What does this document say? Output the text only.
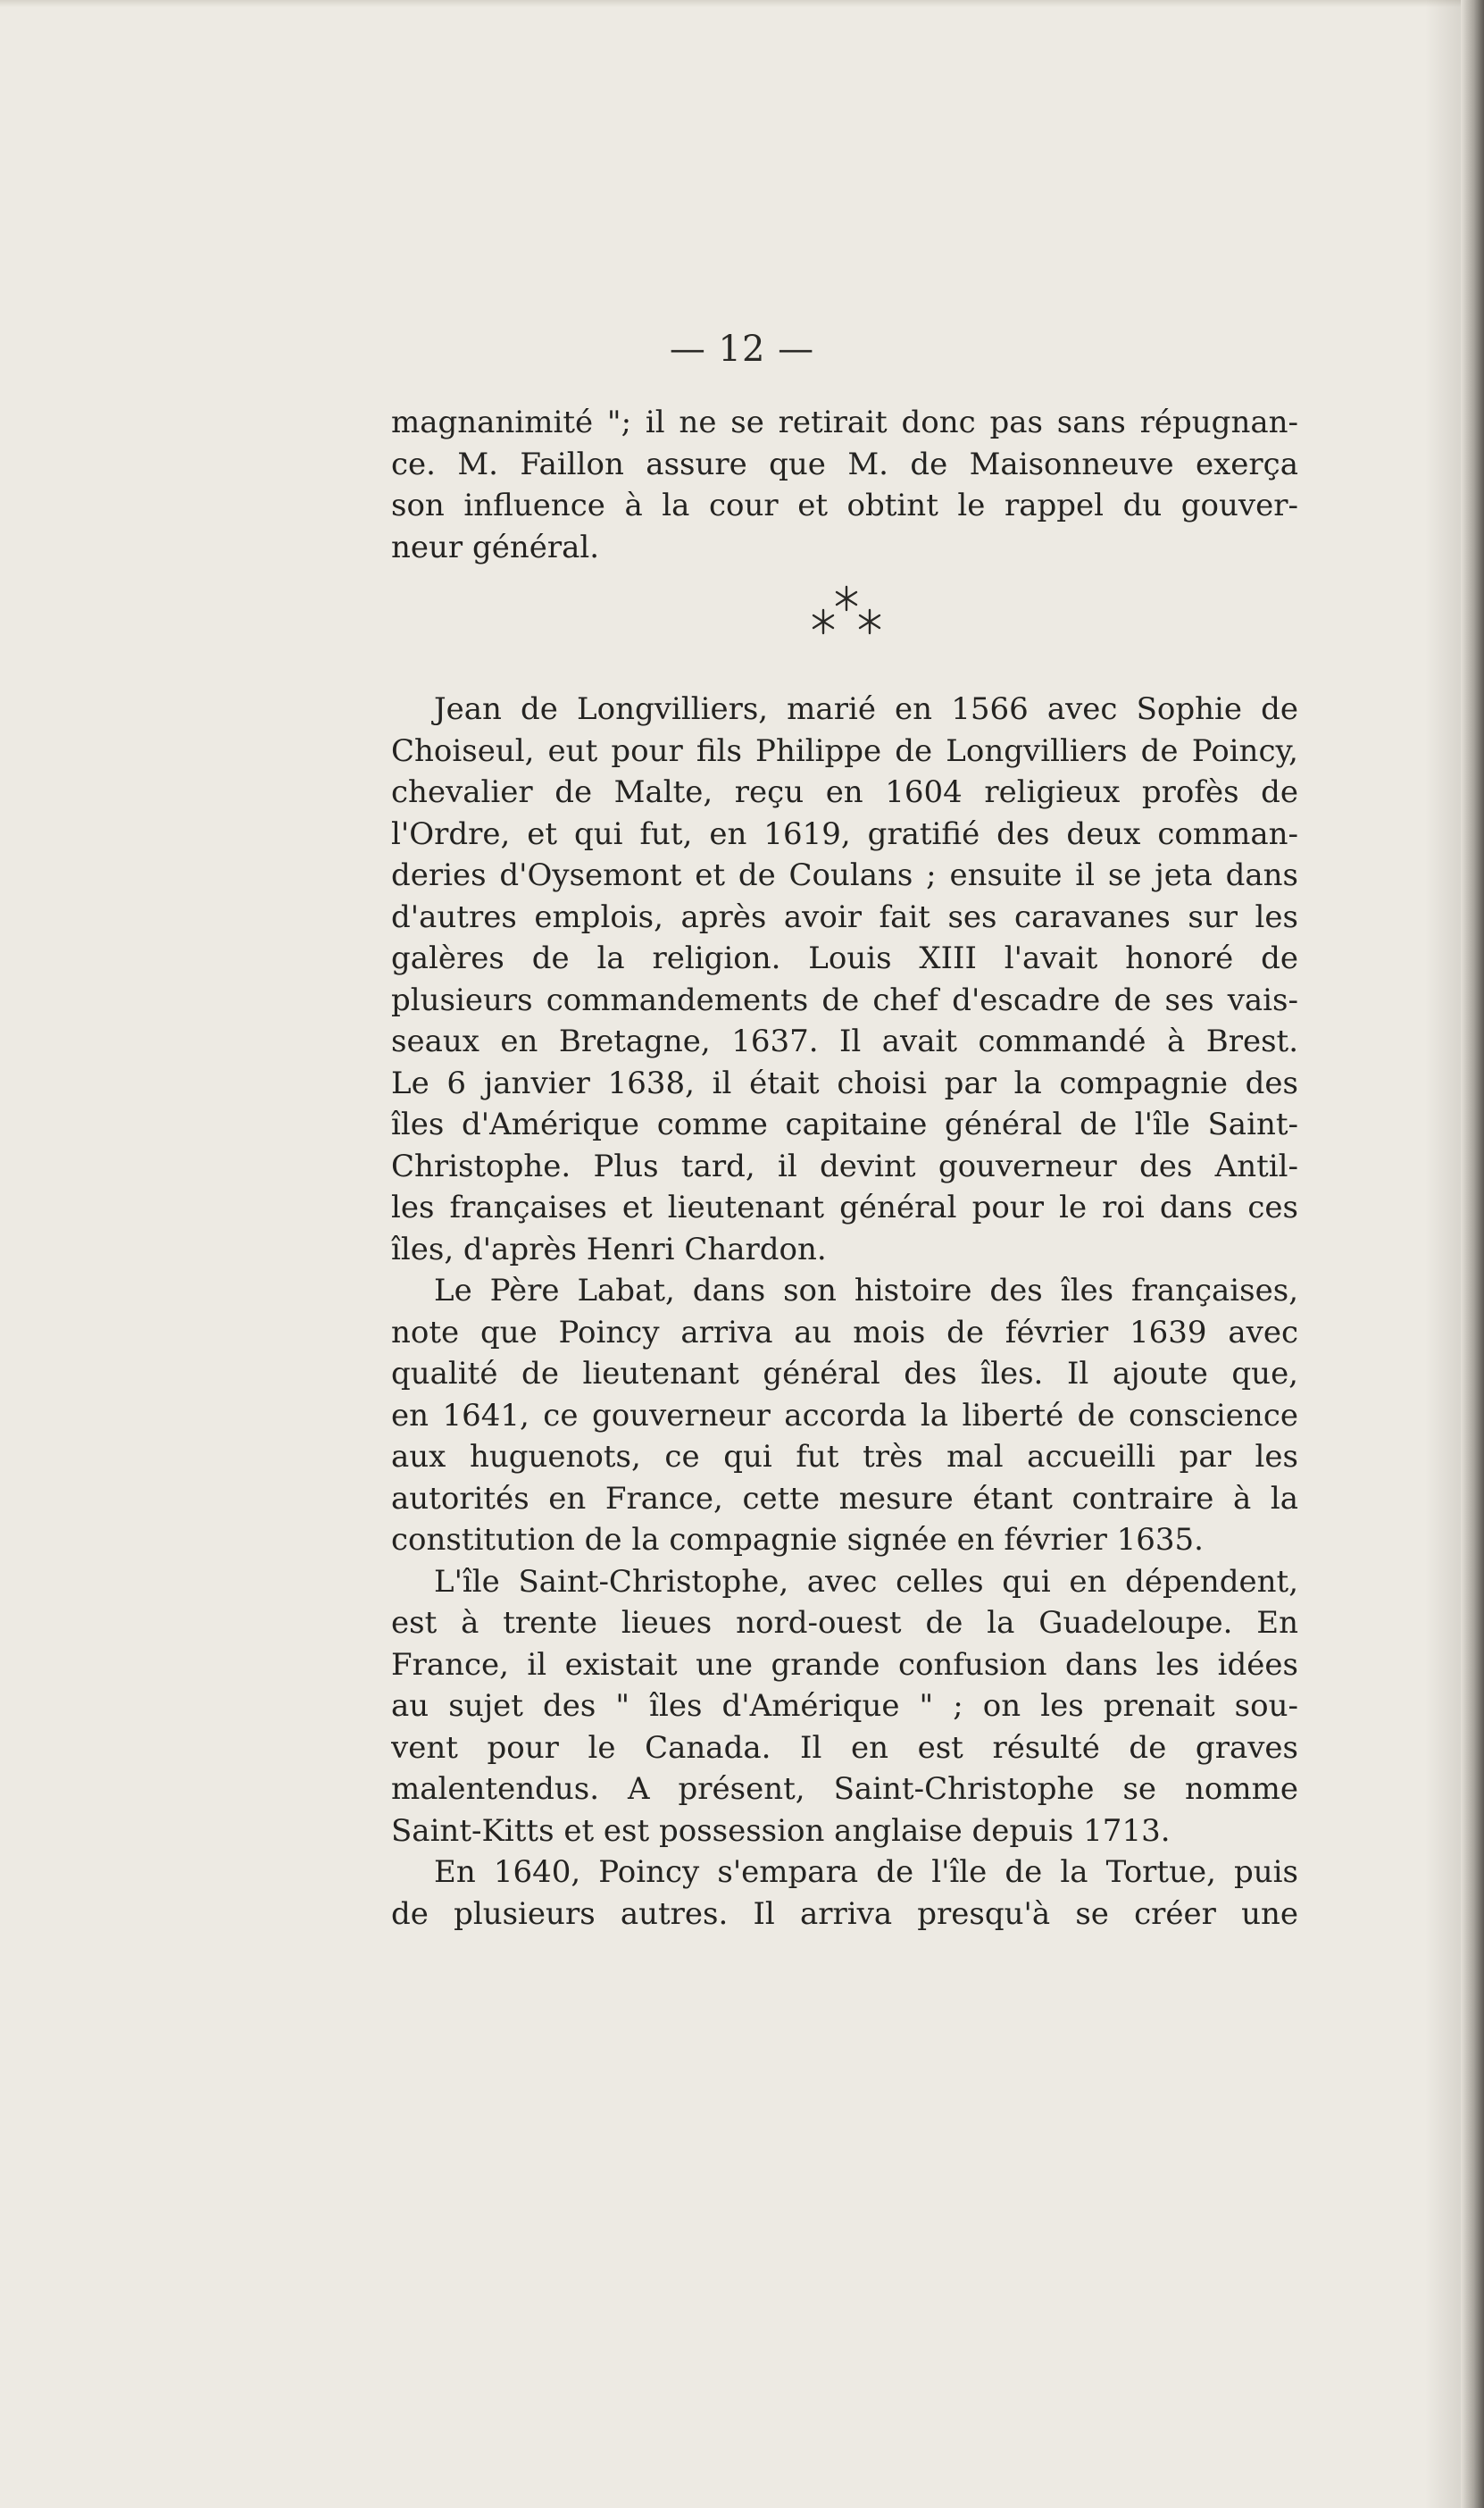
— 12 —
magnanimité "; il ne se retirait donc pas sans répugnan-
ce. M. Faillon assure que M. de Maisonneuve exerça
son influence à la cour et obtint le rappel du gouver-
neur général.
Jean de Longvilliers, marié en 1566 avec Sophie de
Choiseul, eut pour fils Philippe de Longvilliers de Poincy,
chevalier de Malte, reçu en 1604 religieux profès de
l'Ordre, et qui fut, en 1619, gratifié des deux comman-
deries d'Oysemont et de Coulans ; ensuite il se jeta dans
d'autres emplois, après avoir fait ses caravanes sur les
galères de la religion. Louis XIII l'avait honoré de
plusieurs commandements de chef d'escadre de ses vais-
seaux en Bretagne, 1637. Il avait commandé à Brest.
Le 6 janvier 1638, il était choisi par la compagnie des
îles d'Amérique comme capitaine général de l'île Saint-
Christophe. Plus tard, il devint gouverneur des Antil-
les françaises et lieutenant général pour le roi dans ces
îles, d'après Henri Chardon.
Le Père Labat, dans son histoire des îles françaises,
note que Poincy arriva au mois de février 1639 avec
qualité de lieutenant général des îles. Il ajoute que,
en 1641, ce gouverneur accorda la liberté de conscience
aux huguenots, ce qui fut très mal accueilli par les
autorités en France, cette mesure étant contraire à la
constitution de la compagnie signée en février 1635.
L'île Saint-Christophe, avec celles qui en dépendent,
est à trente lieues nord-ouest de la Guadeloupe. En
France, il existait une grande confusion dans les idées
au sujet des " îles d'Amérique " ; on les prenait sou-
vent pour le Canada. Il en est résulté de graves
malentendus. A présent, Saint-Christophe se nomme
Saint-Kitts et est possession anglaise depuis 1713.
En 1640, Poincy s'empara de l'île de la Tortue, puis
de plusieurs autres. Il arriva presqu'à se créer une
